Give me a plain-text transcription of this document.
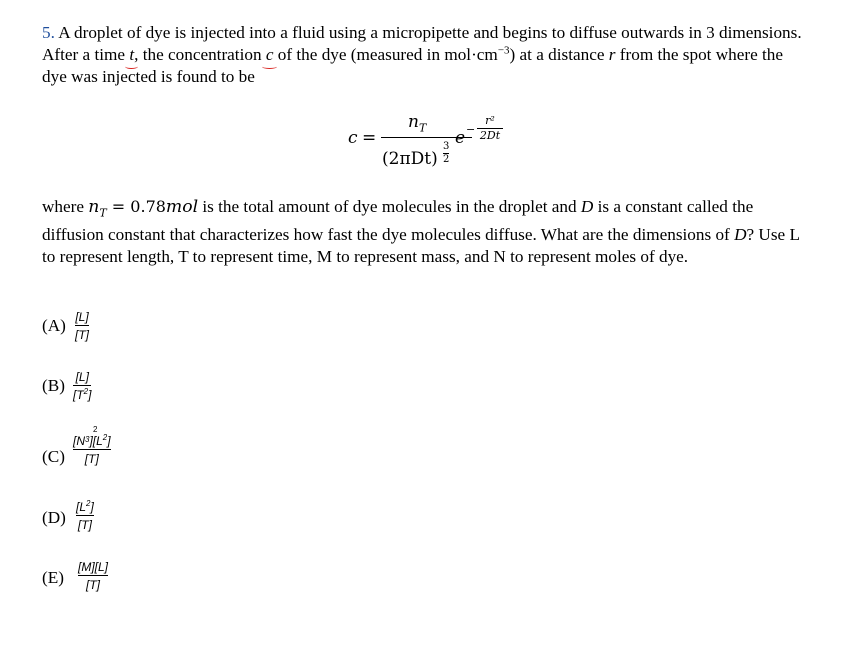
5. A droplet of dye is injected into a fluid using a micropipette and begins to diffuse outwards in 3 dimensions. After a time t, the concentration c of the dye (measured in $mol\cdot cm^{-3}$) at a distance r from the spot where the dye was injected is found to be
c =
$n_T$
(2πDt)
3
2
e −
r²
2Dt
where $n_T = 0.78mol$ is the total amount of dye molecules in the droplet and D is a constant called the diffusion constant that characterizes how fast the dye molecules diffuse. What are the dimensions of D? Use L to represent length, T to represent time, M to represent mass, and N to represent moles of dye.
(A) [L]
[T]
(B) [L]
$[T^2]$
(C)
2
$[N3][L^2]$
[T]
(D)
$[L^2]$
[T]
(E)
[M][L]
[T]
